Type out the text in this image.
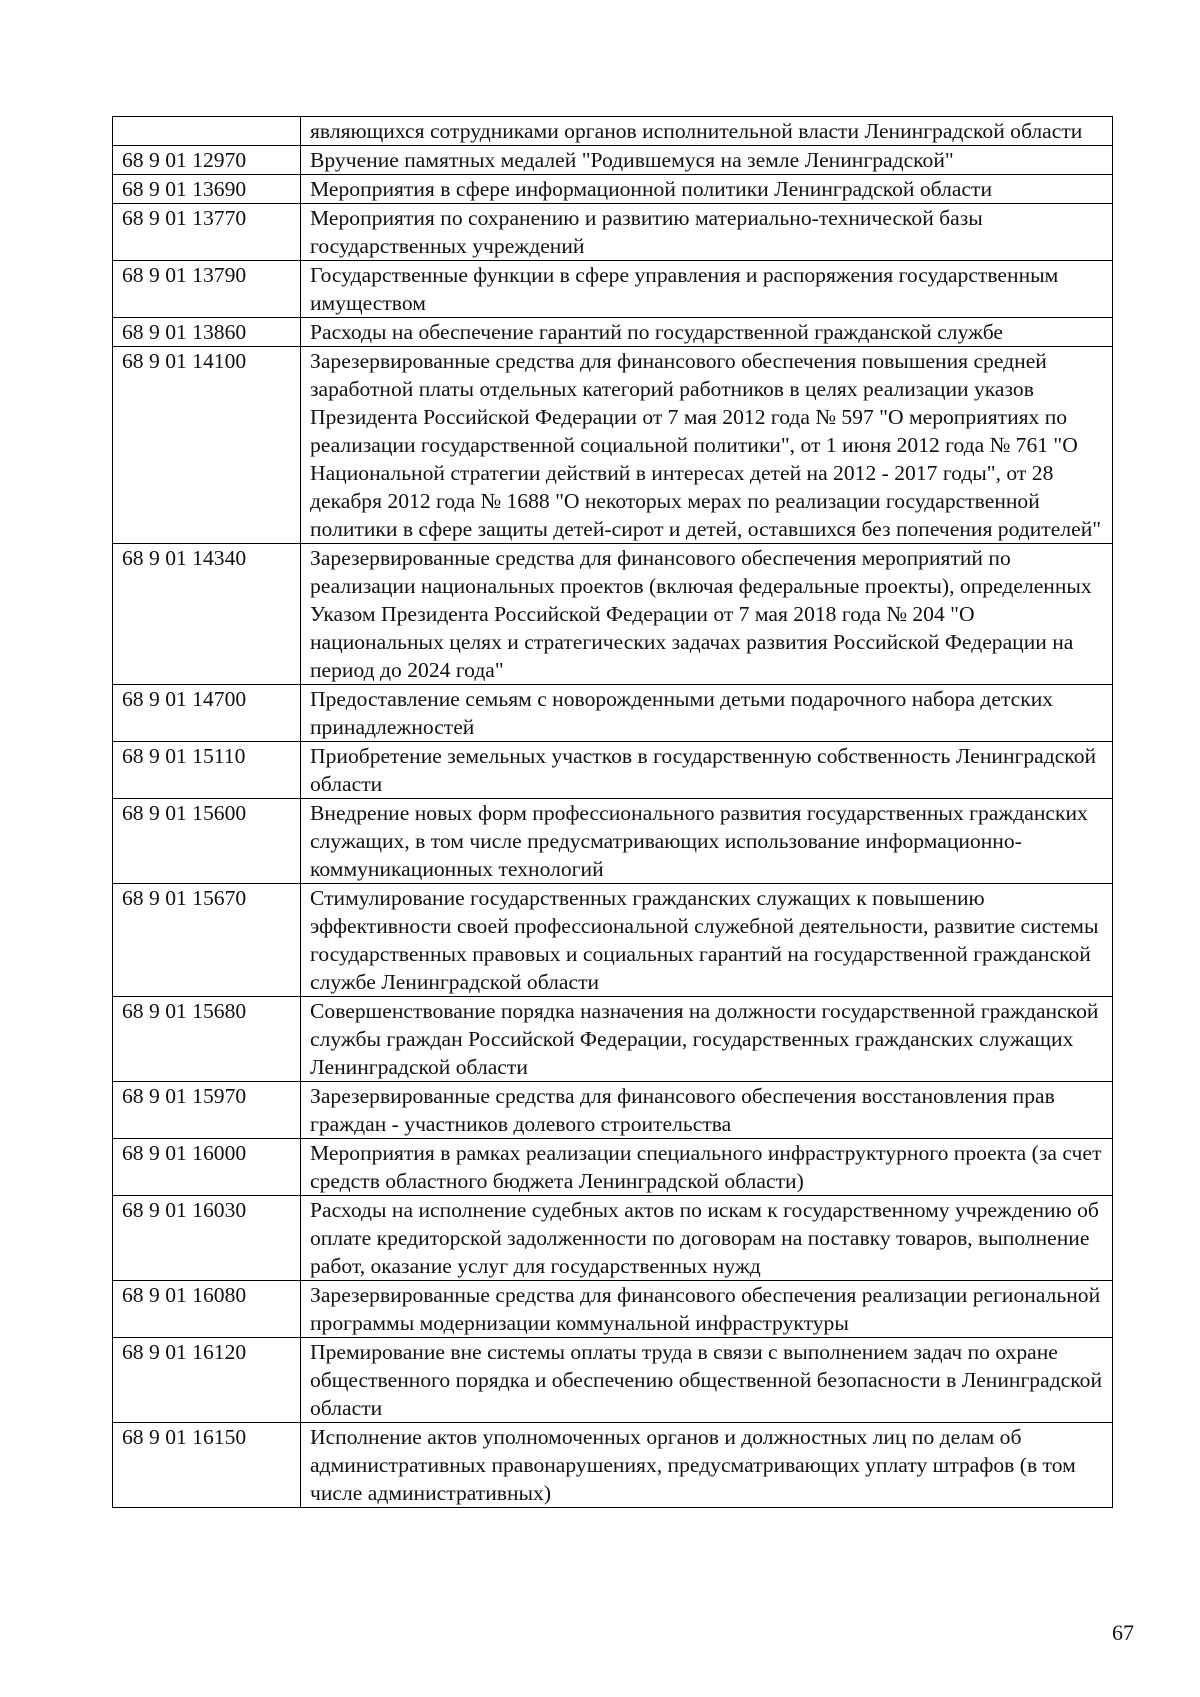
	являющихся сотрудниками органов исполнительной власти Ленинградской области
68 9 01 12970	Вручение памятных медалей "Родившемуся на земле Ленинградской"
68 9 01 13690	Мероприятия в сфере информационной политики Ленинградской области
68 9 01 13770	Мероприятия по сохранению и развитию материально-технической базы государственных учреждений
68 9 01 13790	Государственные функции в сфере управления и распоряжения государственным имуществом
68 9 01 13860	Расходы на обеспечение гарантий по государственной гражданской службе
68 9 01 14100	Зарезервированные средства для финансового обеспечения повышения средней заработной платы отдельных категорий работников в целях реализации указов Президента Российской Федерации от 7 мая 2012 года № 597 "О мероприятиях по реализации государственной социальной политики", от 1 июня 2012 года № 761 "О Национальной стратегии действий в интересах детей на 2012 - 2017 годы", от 28 декабря 2012 года № 1688 "О некоторых мерах по реализации государственной политики в сфере защиты детей-сирот и детей, оставшихся без попечения родителей"
68 9 01 14340	Зарезервированные средства для финансового обеспечения мероприятий по реализации национальных проектов (включая федеральные проекты), определенных Указом Президента Российской Федерации от 7 мая 2018 года № 204 "О национальных целях и стратегических задачах развития Российской Федерации на период до 2024 года"
68 9 01 14700	Предоставление семьям с новорожденными детьми подарочного набора детских принадлежностей
68 9 01 15110	Приобретение земельных участков в государственную собственность Ленинградской области
68 9 01 15600	Внедрение новых форм профессионального развития государственных гражданских служащих, в том числе предусматривающих использование информационно-коммуникационных технологий
68 9 01 15670	Стимулирование государственных гражданских служащих к повышению эффективности своей профессиональной служебной деятельности, развитие системы государственных правовых и социальных гарантий на государственной гражданской службе Ленинградской области
68 9 01 15680	Совершенствование порядка назначения на должности государственной гражданской службы граждан Российской Федерации, государственных гражданских служащих Ленинградской области
68 9 01 15970	Зарезервированные средства для финансового обеспечения восстановления прав граждан - участников долевого строительства
68 9 01 16000	Мероприятия в рамках реализации специального инфраструктурного проекта (за счет средств областного бюджета Ленинградской области)
68 9 01 16030	Расходы на исполнение судебных актов по искам к государственному учреждению об оплате кредиторской задолженности по договорам на поставку товаров, выполнение работ, оказание услуг для государственных нужд
68 9 01 16080	Зарезервированные средства для финансового обеспечения реализации региональной программы модернизации коммунальной инфраструктуры
68 9 01 16120	Премирование вне системы оплаты труда в связи с выполнением задач по охране общественного порядка и обеспечению общественной безопасности в Ленинградской области
68 9 01 16150	Исполнение актов уполномоченных органов и должностных лиц по делам об административных правонарушениях, предусматривающих уплату штрафов (в том числе административных)
67
